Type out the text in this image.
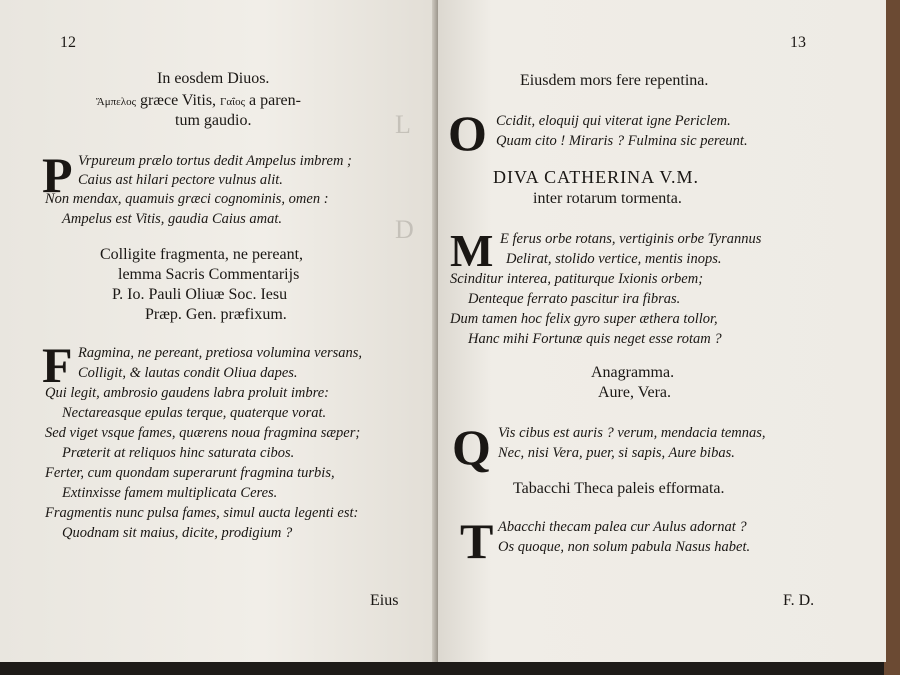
L
D
12
In eosdem Diuos.
Ἄμπελος græce Vitis, Γαΐος a paren-
tum gaudio.
P Vrpureum prælo tortus dedit Ampelus imbrem ;
Caius ast hilari pectore vulnus alit.
Non mendax, quamuis græci cognominis, omen :
Ampelus est Vitis, gaudia Caius amat.
Colligite fragmenta, ne pereant,
lemma Sacris Commentarijs
P. Io. Pauli Oliuæ Soc. Iesu
Præp. Gen. præfixum.
F Ragmina, ne pereant, pretiosa volumina versans,
Colligit, & lautas condit Oliua dapes.
Qui legit, ambrosio gaudens labra proluit imbre:
Nectareasque epulas terque, quaterque vorat.
Sed viget vsque fames, quærens noua fragmina sæper;
Præterit at reliquos hinc saturata cibos.
Ferter, cum quondam superarunt fragmina turbis,
Extinxisse famem multiplicata Ceres.
Fragmentis nunc pulsa fames, simul aucta legenti est:
Quodnam sit maius, dicite, prodigium ?
Eius
13
Eiusdem mors fere repentina.
O Ccidit, eloquij qui viterat igne Periclem.
Quam cito ! Miraris ? Fulmina sic pereunt.
DIVA CATHERINA V.M.
inter rotarum tormenta.
M E ferus orbe rotans, vertiginis orbe Tyrannus
Delirat, stolido vertice, mentis inops.
Scinditur interea, patiturque Ixionis orbem;
Denteque ferrato pascitur ira fibras.
Dum tamen hoc felix gyro super æthera tollor,
Hanc mihi Fortunæ quis neget esse rotam ?
Anagramma.
Aure, Vera.
Q Vis cibus est auris ? verum, mendacia temnas,
Nec, nisi Vera, puer, si sapis, Aure bibas.
Tabacchi Theca paleis efformata.
T Abacchi thecam palea cur Aulus adornat ?
Os quoque, non solum pabula Nasus habet.
F. D.
